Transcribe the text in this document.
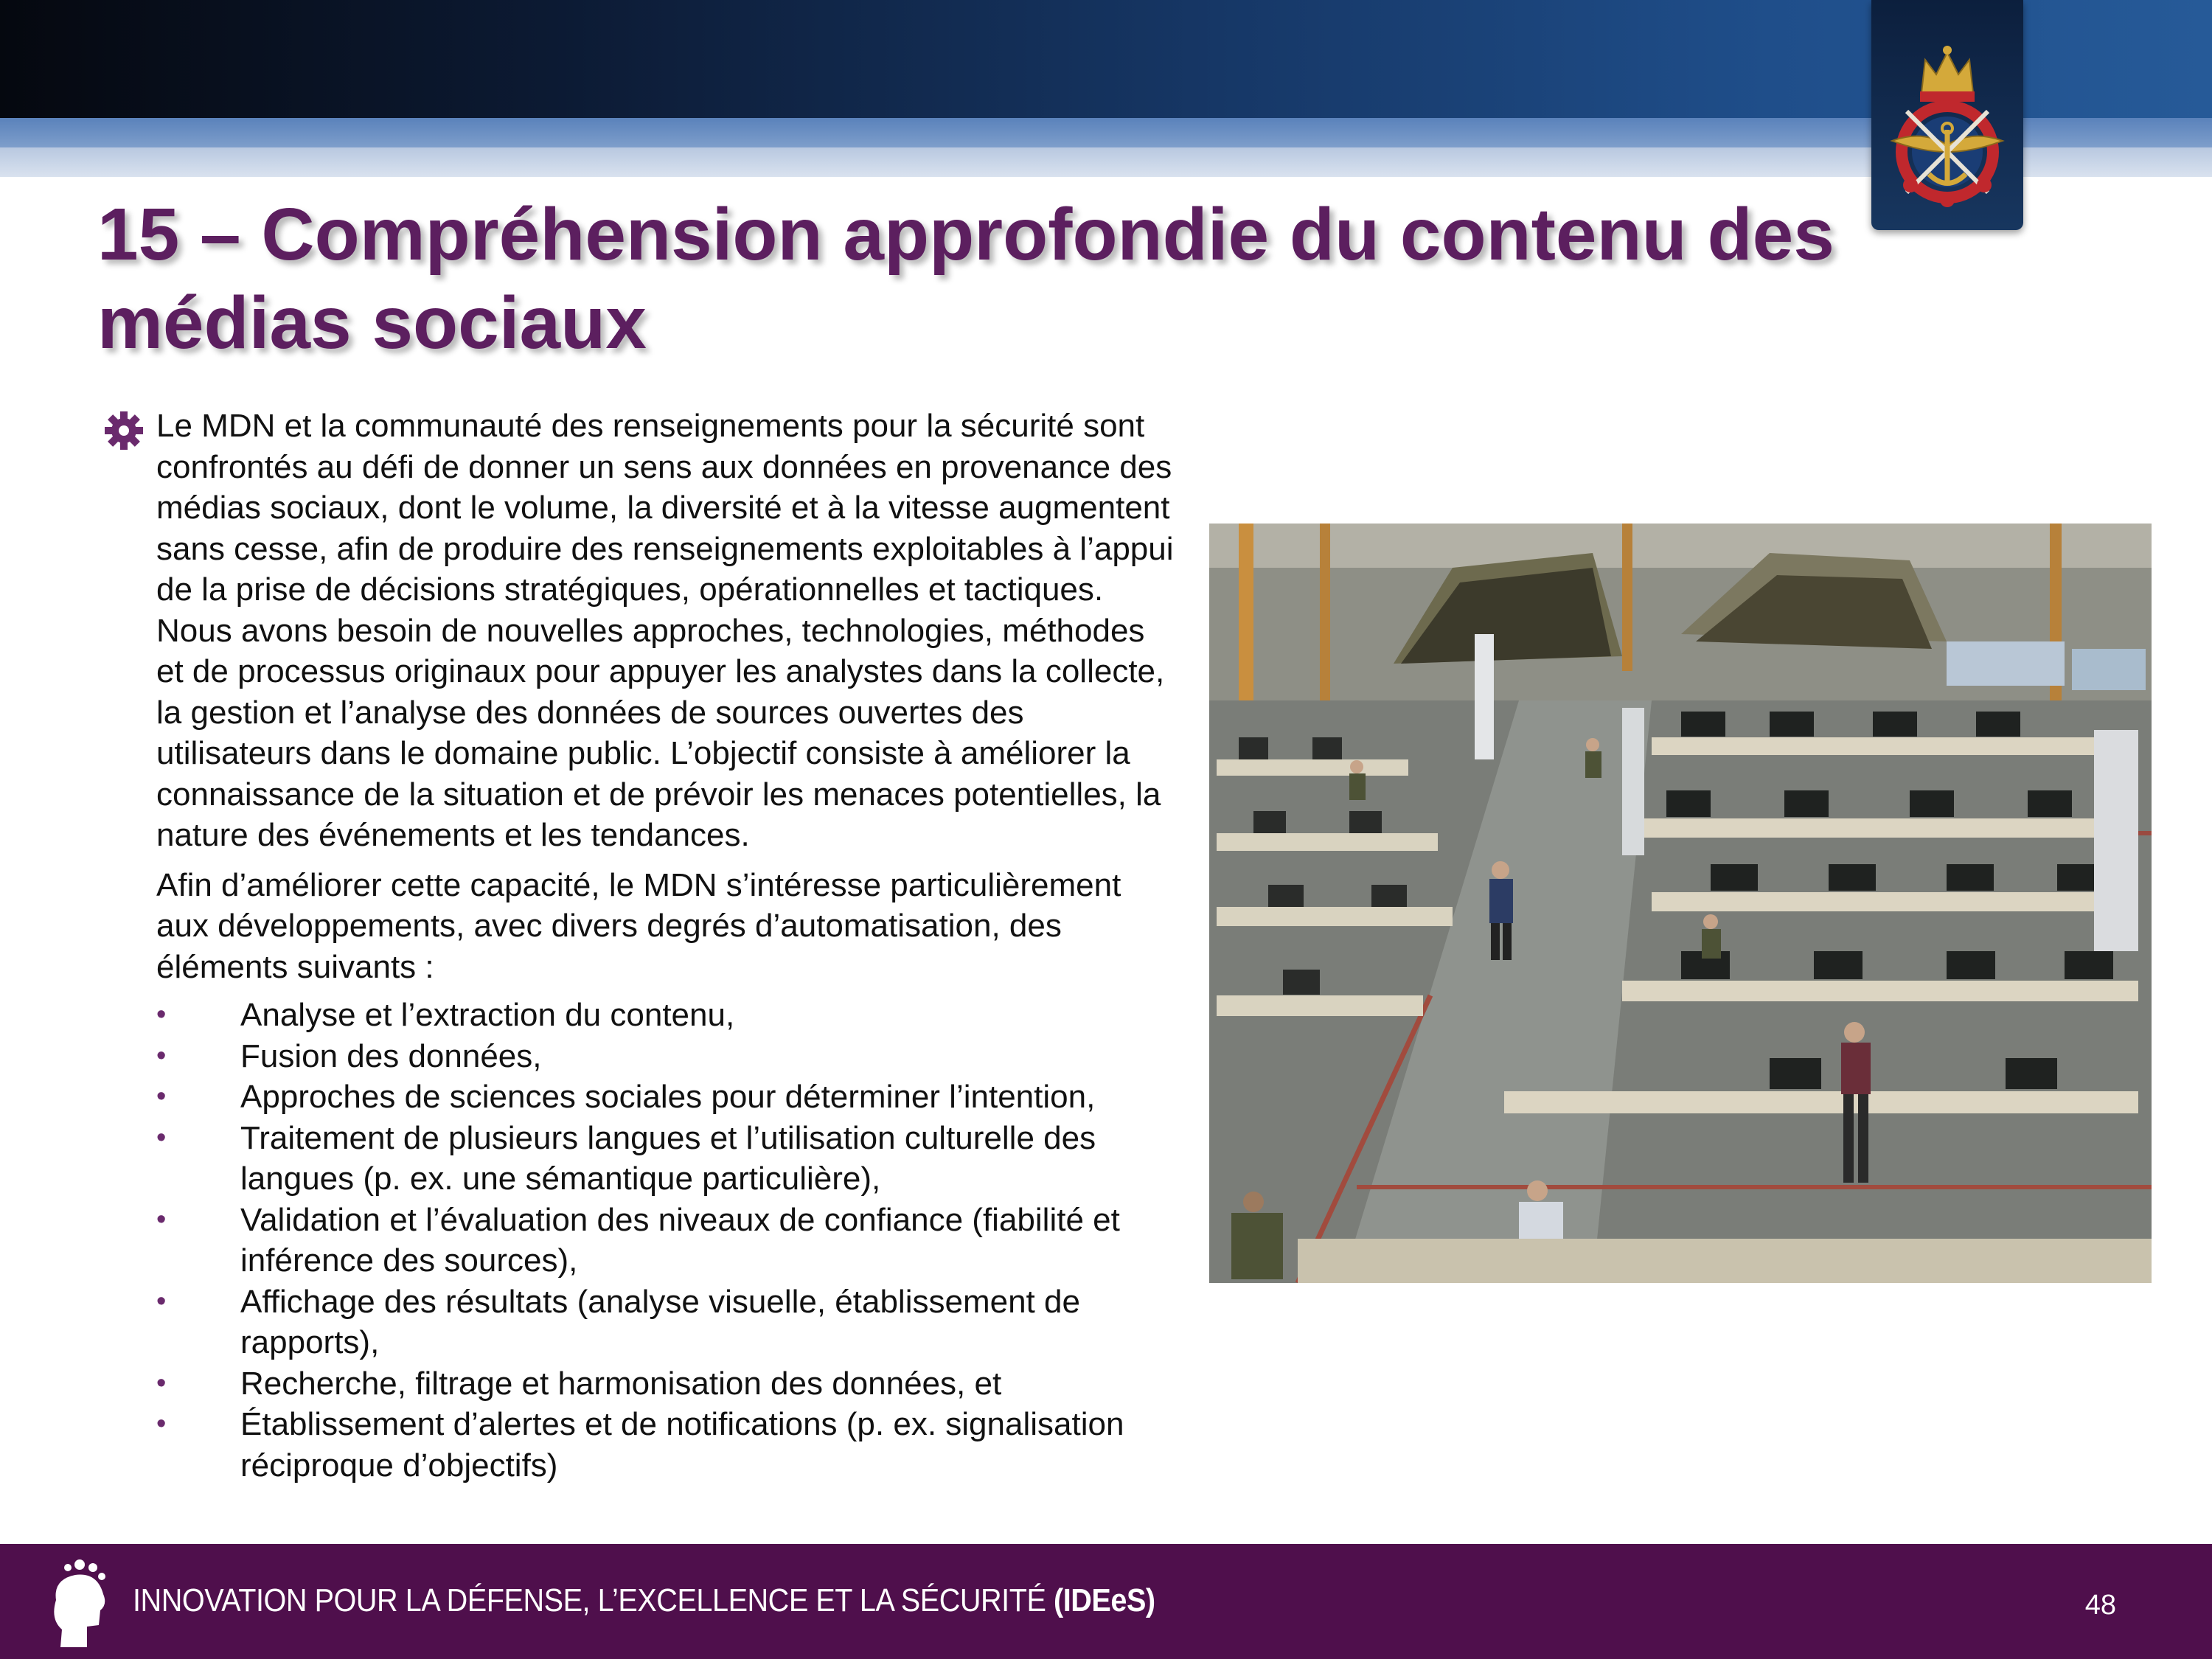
15 – Compréhension approfondie du contenu des médias sociaux

Le MDN et la communauté des renseignements pour la sécurité sont confrontés au défi de donner un sens aux données en provenance des médias sociaux, dont le volume, la diversité et à la vitesse augmentent sans cesse, afin de produire des renseignements exploitables à l’appui de la prise de décisions stratégiques, opérationnelles et tactiques. Nous avons besoin de nouvelles approches, technologies, méthodes et de processus originaux pour appuyer les analystes dans la collecte, la gestion et l’analyse des données de sources ouvertes des utilisateurs dans le domaine public. L’objectif consiste à améliorer la connaissance de la situation et de prévoir les menaces potentielles, la nature des événements et les tendances.

Afin d’améliorer cette capacité, le MDN s’intéresse particulièrement aux développements, avec divers degrés d’automatisation, des éléments suivants :

• Analyse et l’extraction du contenu,
• Fusion des données,
• Approches de sciences sociales pour déterminer l’intention,
• Traitement de plusieurs langues et l’utilisation culturelle des langues (p. ex. une sémantique particulière),
• Validation et l’évaluation des niveaux de confiance (fiabilité et inférence des sources),
• Affichage des résultats (analyse visuelle, établissement de rapports),
• Recherche, filtrage et harmonisation des données, et
• Établissement d’alertes et de notifications (p. ex. signalisation réciproque d’objectifs)
INNOVATION POUR LA DÉFENSE, L’EXCELLENCE ET LA SÉCURITÉ (IDEeS)	48
